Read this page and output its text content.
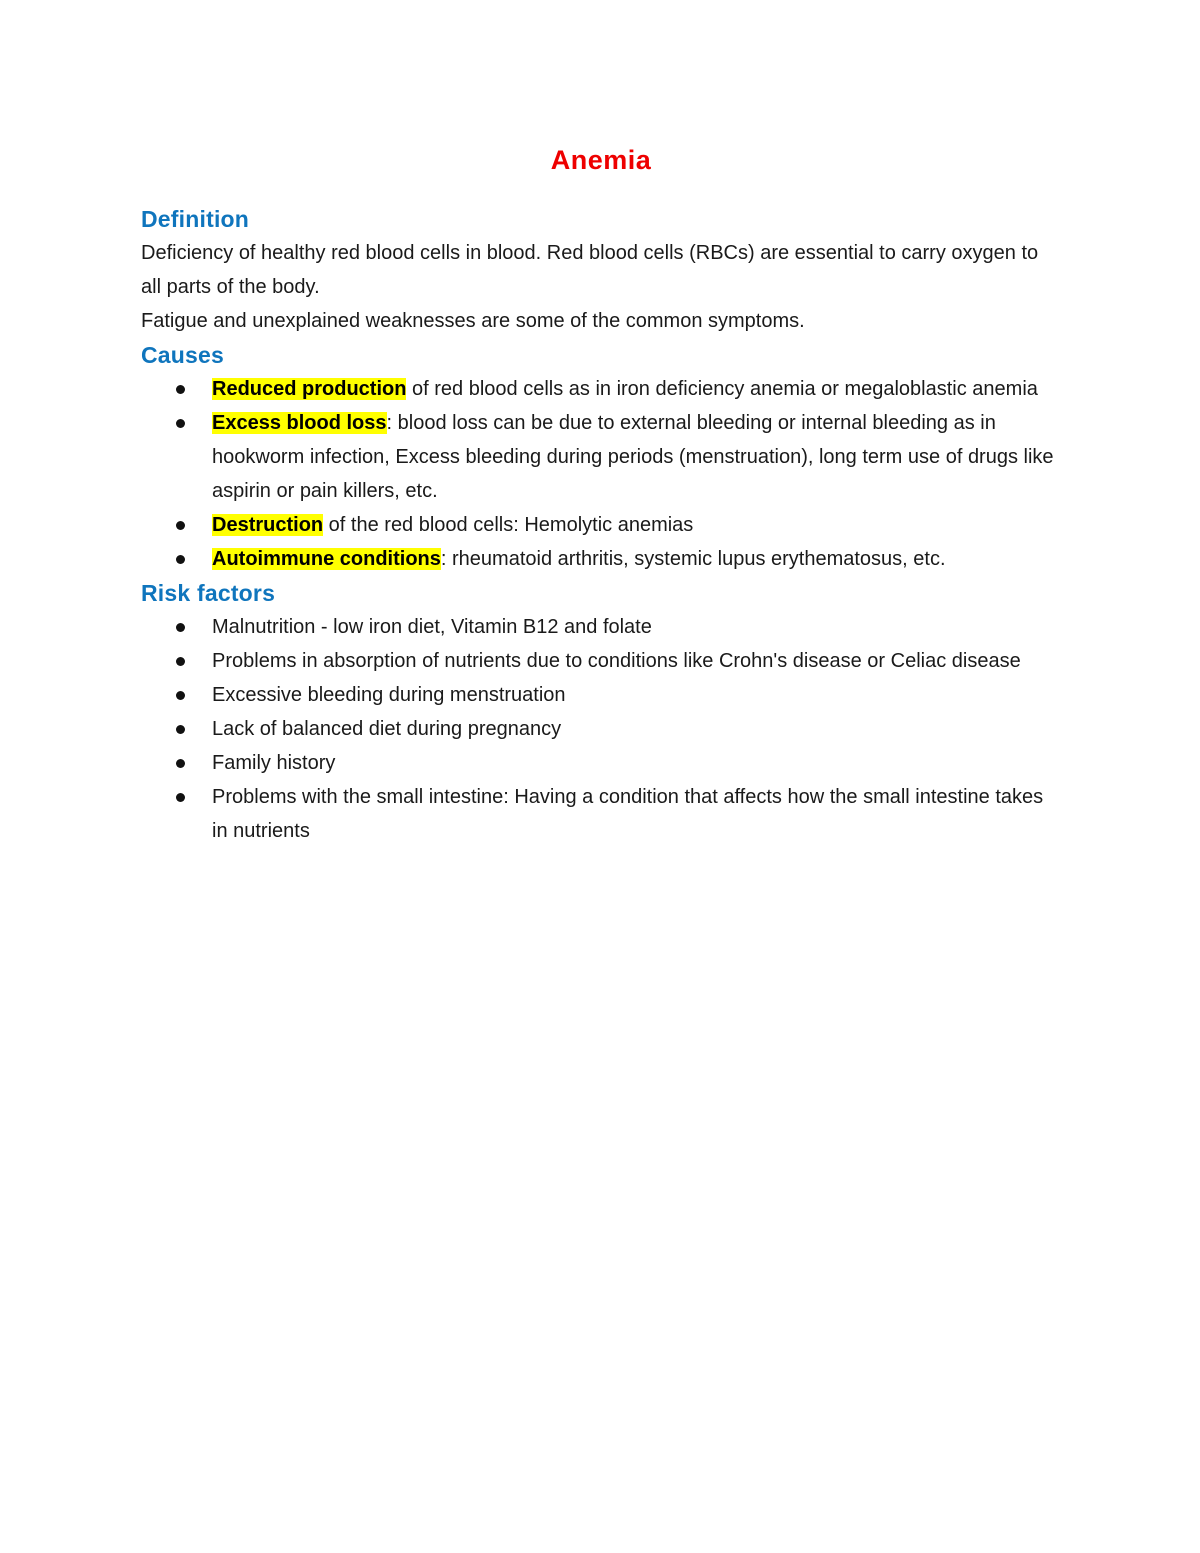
Anemia
Definition

Deficiency of healthy red blood cells in blood. Red blood cells (RBCs) are essential to carry oxygen to all parts of the body.

Fatigue and unexplained weaknesses are some of the common symptoms.

Causes
Reduced production of red blood cells as in iron deficiency anemia or megaloblastic anemia
Excess blood loss: blood loss can be due to external bleeding or internal bleeding as in hookworm infection, Excess bleeding during periods (menstruation), long term use of drugs like aspirin or pain killers, etc.
Destruction of the red blood cells: Hemolytic anemias
Autoimmune conditions: rheumatoid arthritis, systemic lupus erythematosus, etc.
Risk factors
Malnutrition - low iron diet, Vitamin B12 and folate
Problems in absorption of nutrients due to conditions like Crohn's disease or Celiac disease
Excessive bleeding during menstruation
Lack of balanced diet during pregnancy
Family history
Problems with the small intestine: Having a condition that affects how the small intestine takes in nutrients
